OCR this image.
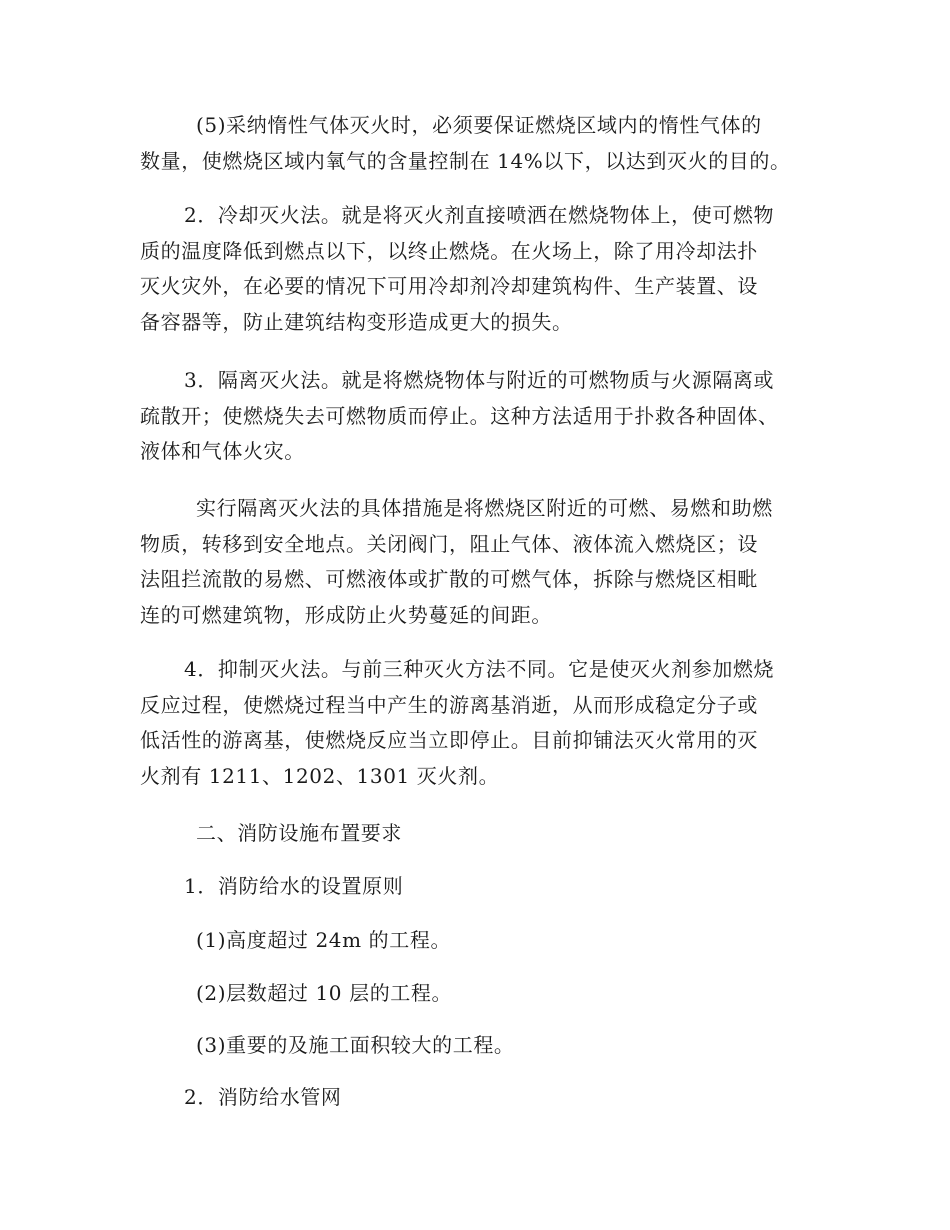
(5)采纳惰性气体灭火时，必须要保证燃烧区域内的惰性气体的
数量，使燃烧区域内氧气的含量控制在 14%以下，以达到灭火的目的。
2．冷却灭火法。就是将灭火剂直接喷洒在燃烧物体上，使可燃物
质的温度降低到燃点以下，以终止燃烧。在火场上，除了用冷却法扑
灭火灾外，在必要的情况下可用冷却剂冷却建筑构件、生产装置、设
备容器等，防止建筑结构变形造成更大的损失。
3．隔离灭火法。就是将燃烧物体与附近的可燃物质与火源隔离或
疏散开；使燃烧失去可燃物质而停止。这种方法适用于扑救各种固体、
液体和气体火灾。
实行隔离灭火法的具体措施是将燃烧区附近的可燃、易燃和助燃
物质，转移到安全地点。关闭阀门，阻止气体、液体流入燃烧区；设
法阻拦流散的易燃、可燃液体或扩散的可燃气体，拆除与燃烧区相毗
连的可燃建筑物，形成防止火势蔓延的间距。
4．抑制灭火法。与前三种灭火方法不同。它是使灭火剂参加燃烧
反应过程，使燃烧过程当中产生的游离基消逝，从而形成稳定分子或
低活性的游离基，使燃烧反应当立即停止。目前抑铺法灭火常用的灭
火剂有 1211、1202、1301 灭火剂。
二、消防设施布置要求
1．消防给水的设置原则
(1)高度超过 24m 的工程。
(2)层数超过 10 层的工程。
(3)重要的及施工面积较大的工程。
2．消防给水管网
